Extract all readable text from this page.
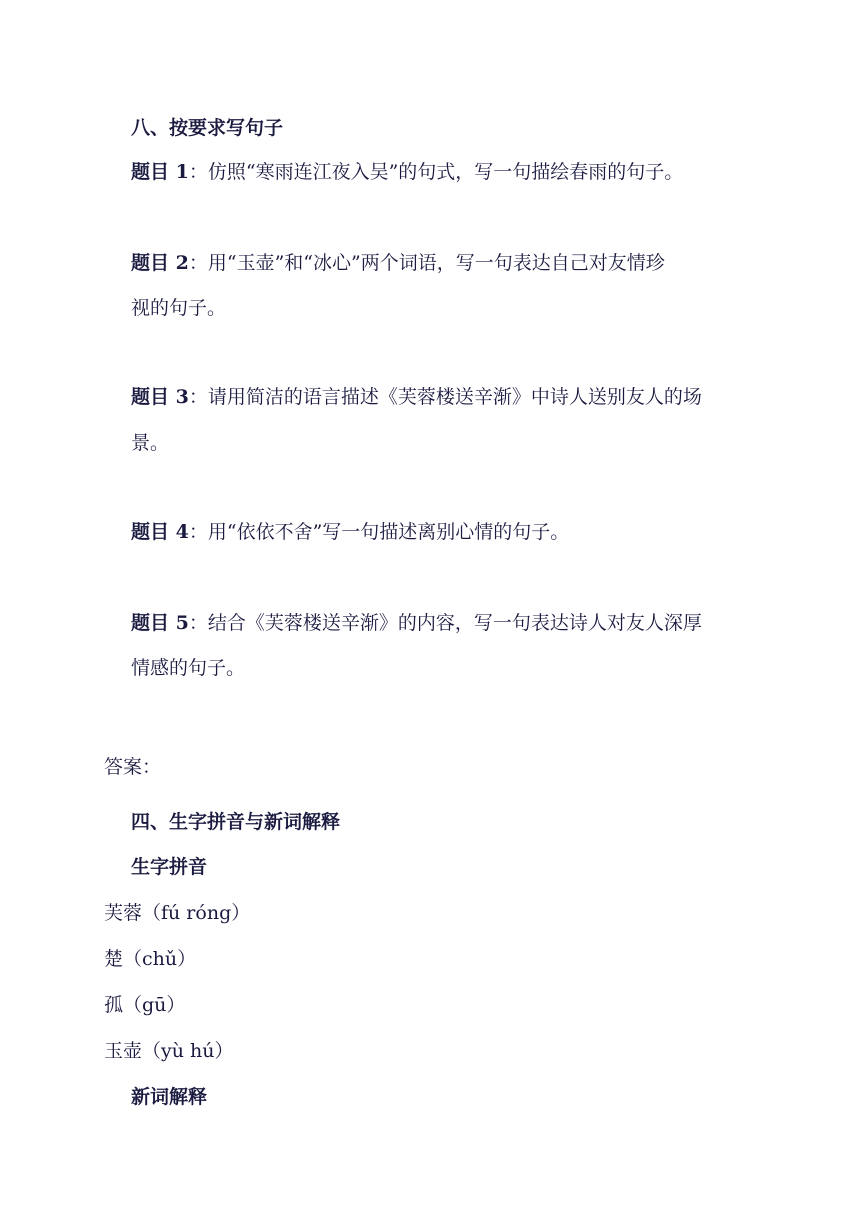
八、按要求写句子
题目 1：仿照“寒雨连江夜入吴”的句式，写一句描绘春雨的句子。
题目 2：用“玉壶”和“冰心”两个词语，写一句表达自己对友情珍
视的句子。
题目 3：请用简洁的语言描述《芙蓉楼送辛渐》中诗人送别友人的场
景。
题目 4：用“依依不舍”写一句描述离别心情的句子。
题目 5：结合《芙蓉楼送辛渐》的内容，写一句表达诗人对友人深厚
情感的句子。
答案：
四、生字拼音与新词解释
生字拼音
芙蓉（fú róng）
楚（chǔ）
孤（gū）
玉壶（yù hú）
新词解释
